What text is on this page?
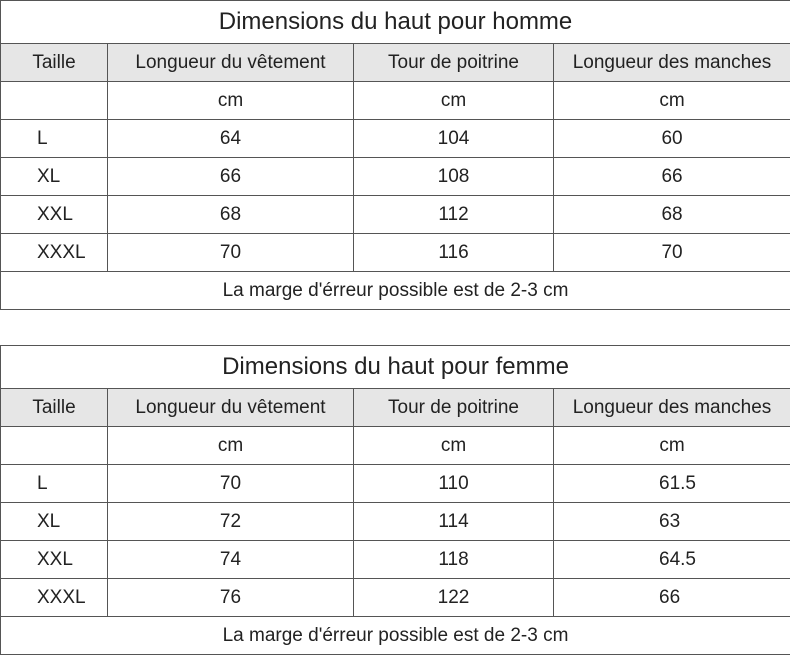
Dimensions du haut pour homme			
Taille	Longueur du vêtement	Tour de poitrine	Longueur des manches
	cm	cm	cm
L	64	104	60
XL	66	108	66
XXL	68	112	68
XXXL	70	116	70
La marge d'érreur possible est de 2-3 cm			
Dimensions du haut pour femme			
Taille	Longueur du vêtement	Tour de poitrine	Longueur des manches
	cm	cm	cm
L	70	110	61.5
XL	72	114	63
XXL	74	118	64.5
XXXL	76	122	66
La marge d'érreur possible est de 2-3 cm			
